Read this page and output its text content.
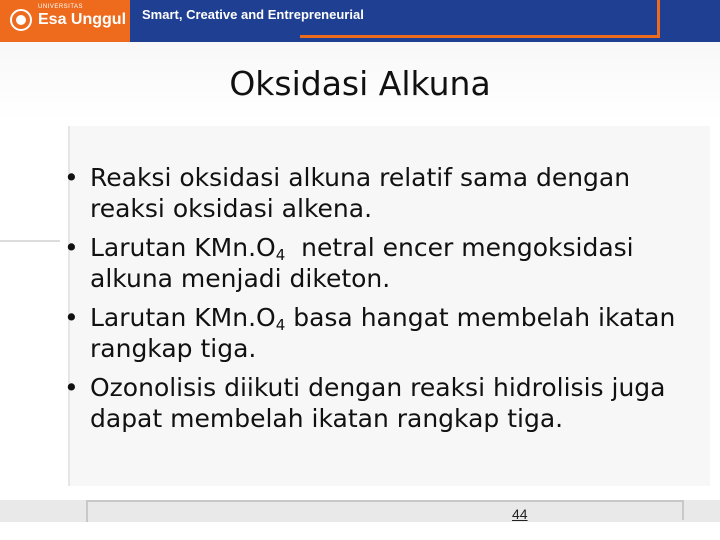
UNIVERSITAS
Esa Unggul Smart, Creative and Entrepreneurial
Oksidasi Alkuna
• Reaksi oksidasi alkuna relatif sama dengan reaksi oksidasi alkena.
• Larutan $KMn.O_4$  netral encer mengoksidasi alkuna menjadi diketon.
• Larutan $KMn.O_4$ basa hangat membelah ikatan rangkap tiga.
• Ozonolisis diikuti dengan reaksi hidrolisis juga dapat membelah ikatan rangkap tiga.
44
